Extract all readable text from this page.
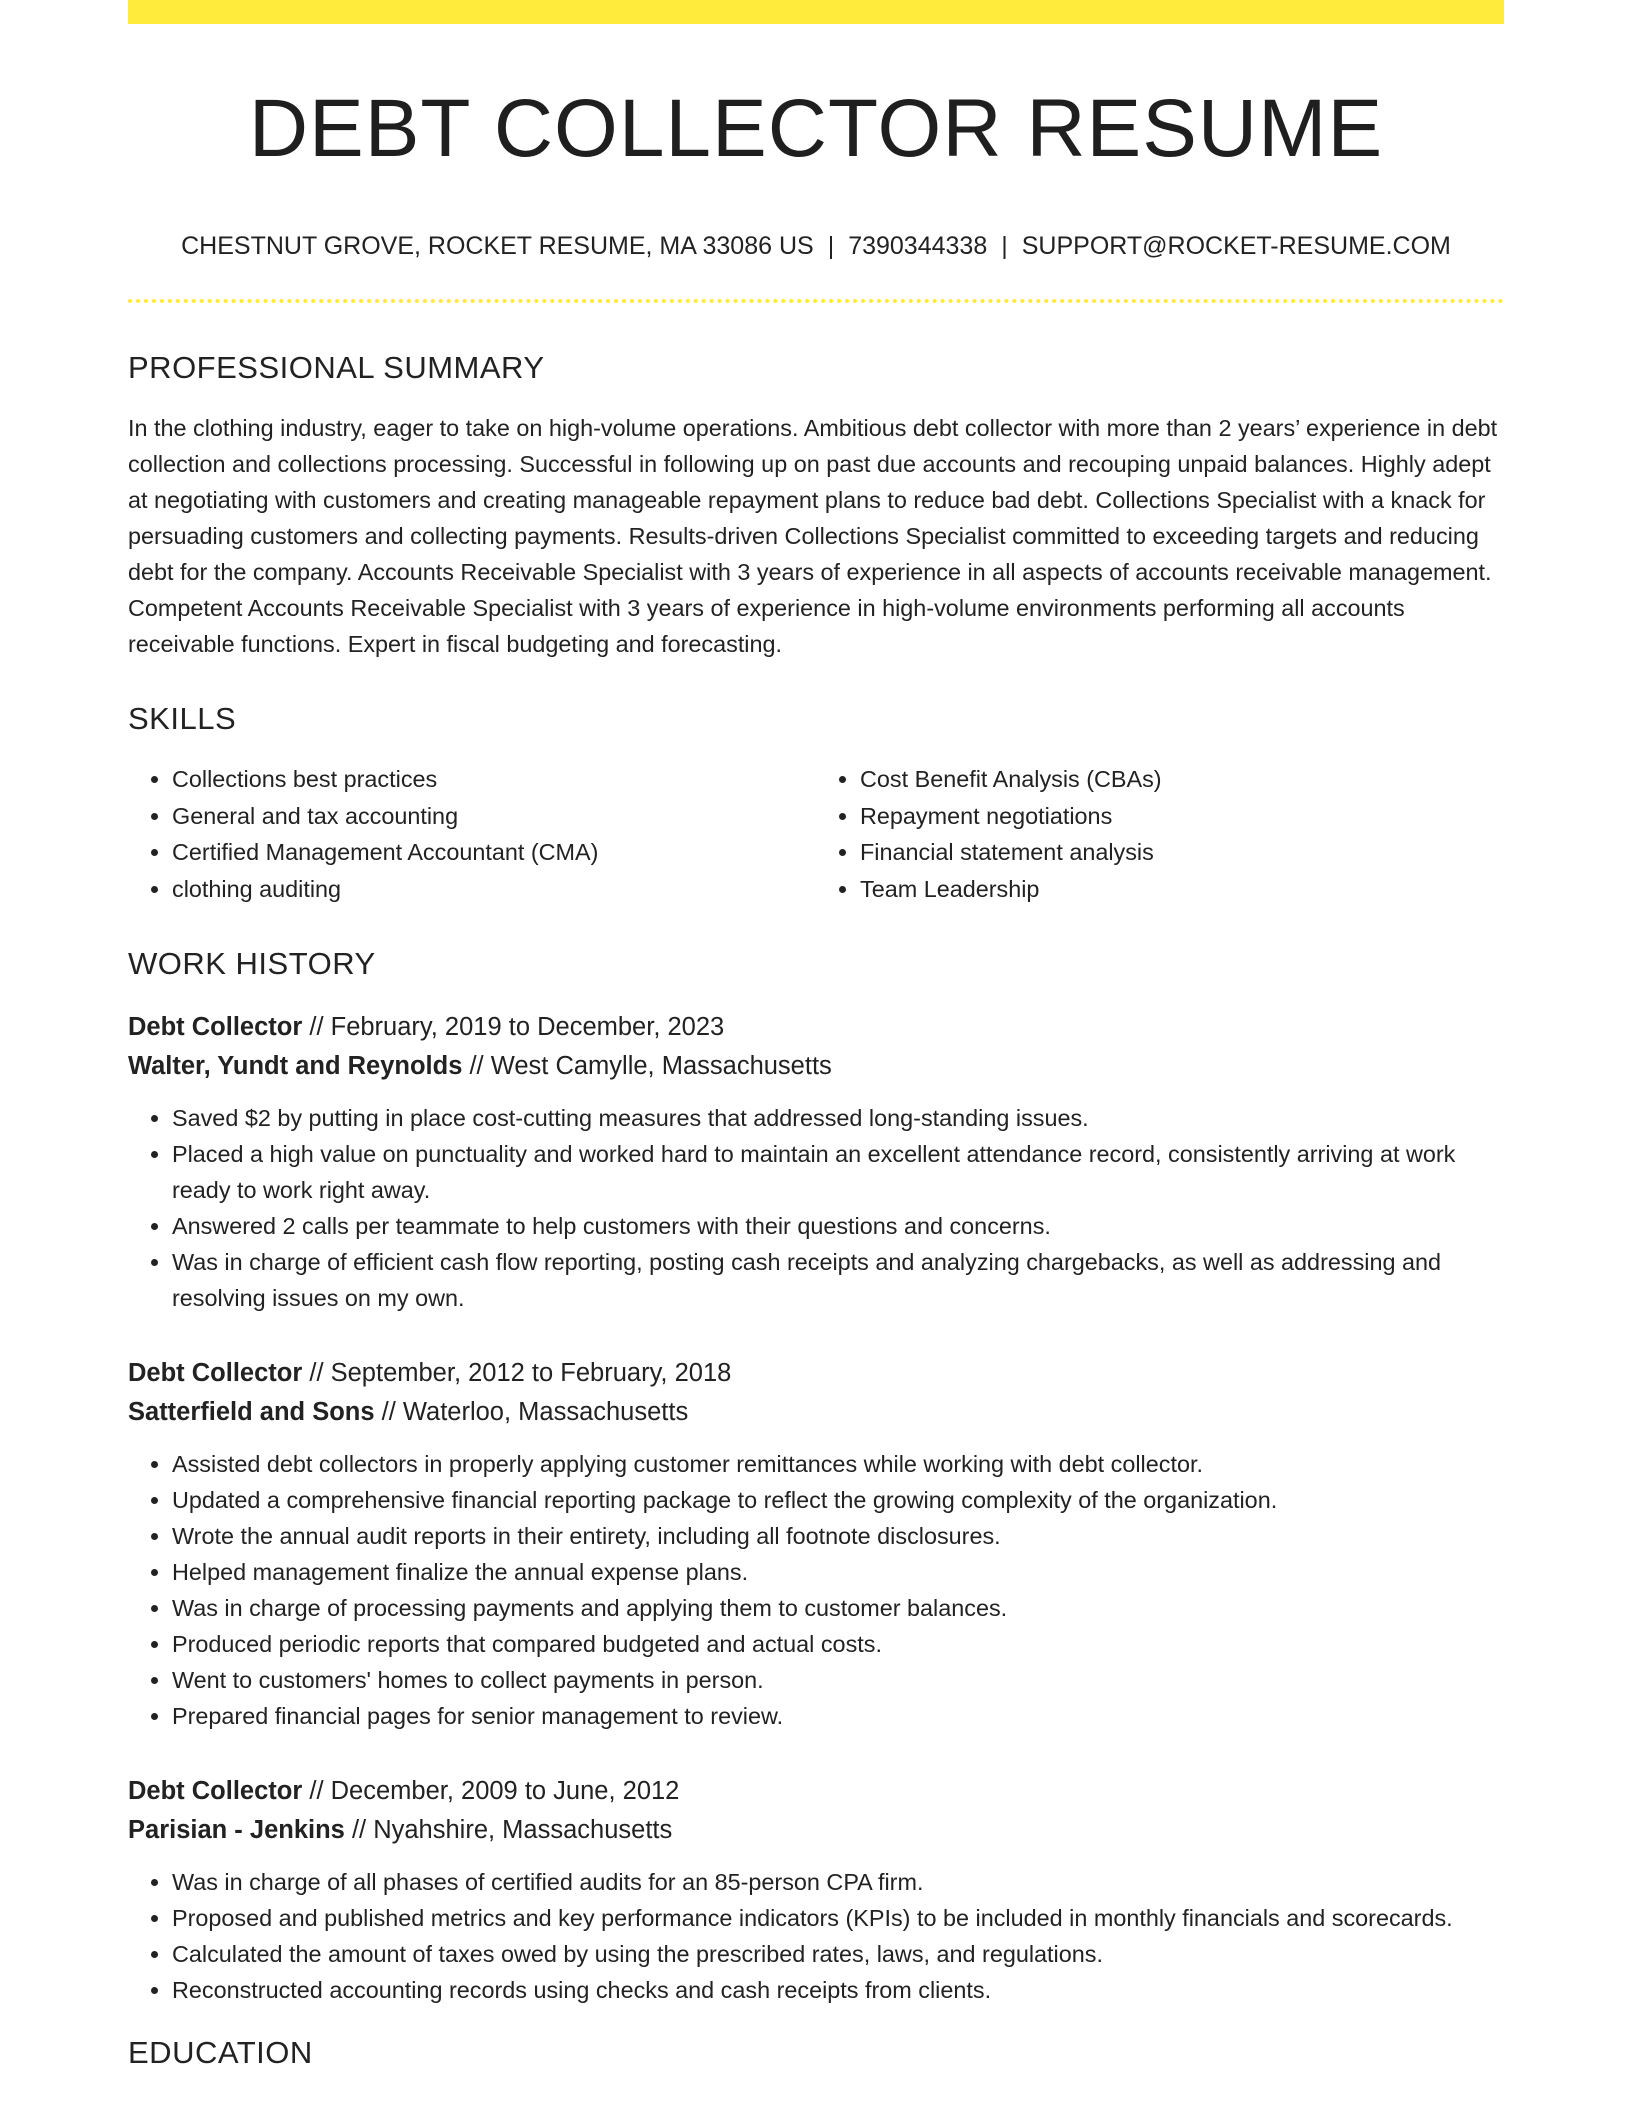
DEBT COLLECTOR RESUME
CHESTNUT GROVE, ROCKET RESUME, MA 33086 US | 7390344338 | SUPPORT@ROCKET-RESUME.COM
PROFESSIONAL SUMMARY

In the clothing industry, eager to take on high-volume operations. Ambitious debt collector with more than 2 years’ experience in debt collection and collections processing. Successful in following up on past due accounts and recouping unpaid balances. Highly adept at negotiating with customers and creating manageable repayment plans to reduce bad debt. Collections Specialist with a knack for persuading customers and collecting payments. Results-driven Collections Specialist committed to exceeding targets and reducing debt for the company. Accounts Receivable Specialist with 3 years of experience in all aspects of accounts receivable management. Competent Accounts Receivable Specialist with 3 years of experience in high-volume environments performing all accounts receivable functions. Expert in fiscal budgeting and forecasting.

SKILLS
• Collections best practices
• General and tax accounting
• Certified Management Accountant (CMA)
• clothing auditing
• Cost Benefit Analysis (CBAs)
• Repayment negotiations
• Financial statement analysis
• Team Leadership
WORK HISTORY
Debt Collector // February, 2019 to December, 2023
Walter, Yundt and Reynolds // West Camylle, Massachusetts
• Saved $2 by putting in place cost-cutting measures that addressed long-standing issues.
• Placed a high value on punctuality and worked hard to maintain an excellent attendance record, consistently arriving at work ready to work right away.
• Answered 2 calls per teammate to help customers with their questions and concerns.
• Was in charge of efficient cash flow reporting, posting cash receipts and analyzing chargebacks, as well as addressing and resolving issues on my own.
Debt Collector // September, 2012 to February, 2018
Satterfield and Sons // Waterloo, Massachusetts
• Assisted debt collectors in properly applying customer remittances while working with debt collector.
• Updated a comprehensive financial reporting package to reflect the growing complexity of the organization.
• Wrote the annual audit reports in their entirety, including all footnote disclosures.
• Helped management finalize the annual expense plans.
• Was in charge of processing payments and applying them to customer balances.
• Produced periodic reports that compared budgeted and actual costs.
• Went to customers' homes to collect payments in person.
• Prepared financial pages for senior management to review.
Debt Collector // December, 2009 to June, 2012
Parisian - Jenkins // Nyahshire, Massachusetts
• Was in charge of all phases of certified audits for an 85-person CPA firm.
• Proposed and published metrics and key performance indicators (KPIs) to be included in monthly financials and scorecards.
• Calculated the amount of taxes owed by using the prescribed rates, laws, and regulations.
• Reconstructed accounting records using checks and cash receipts from clients.
EDUCATION
